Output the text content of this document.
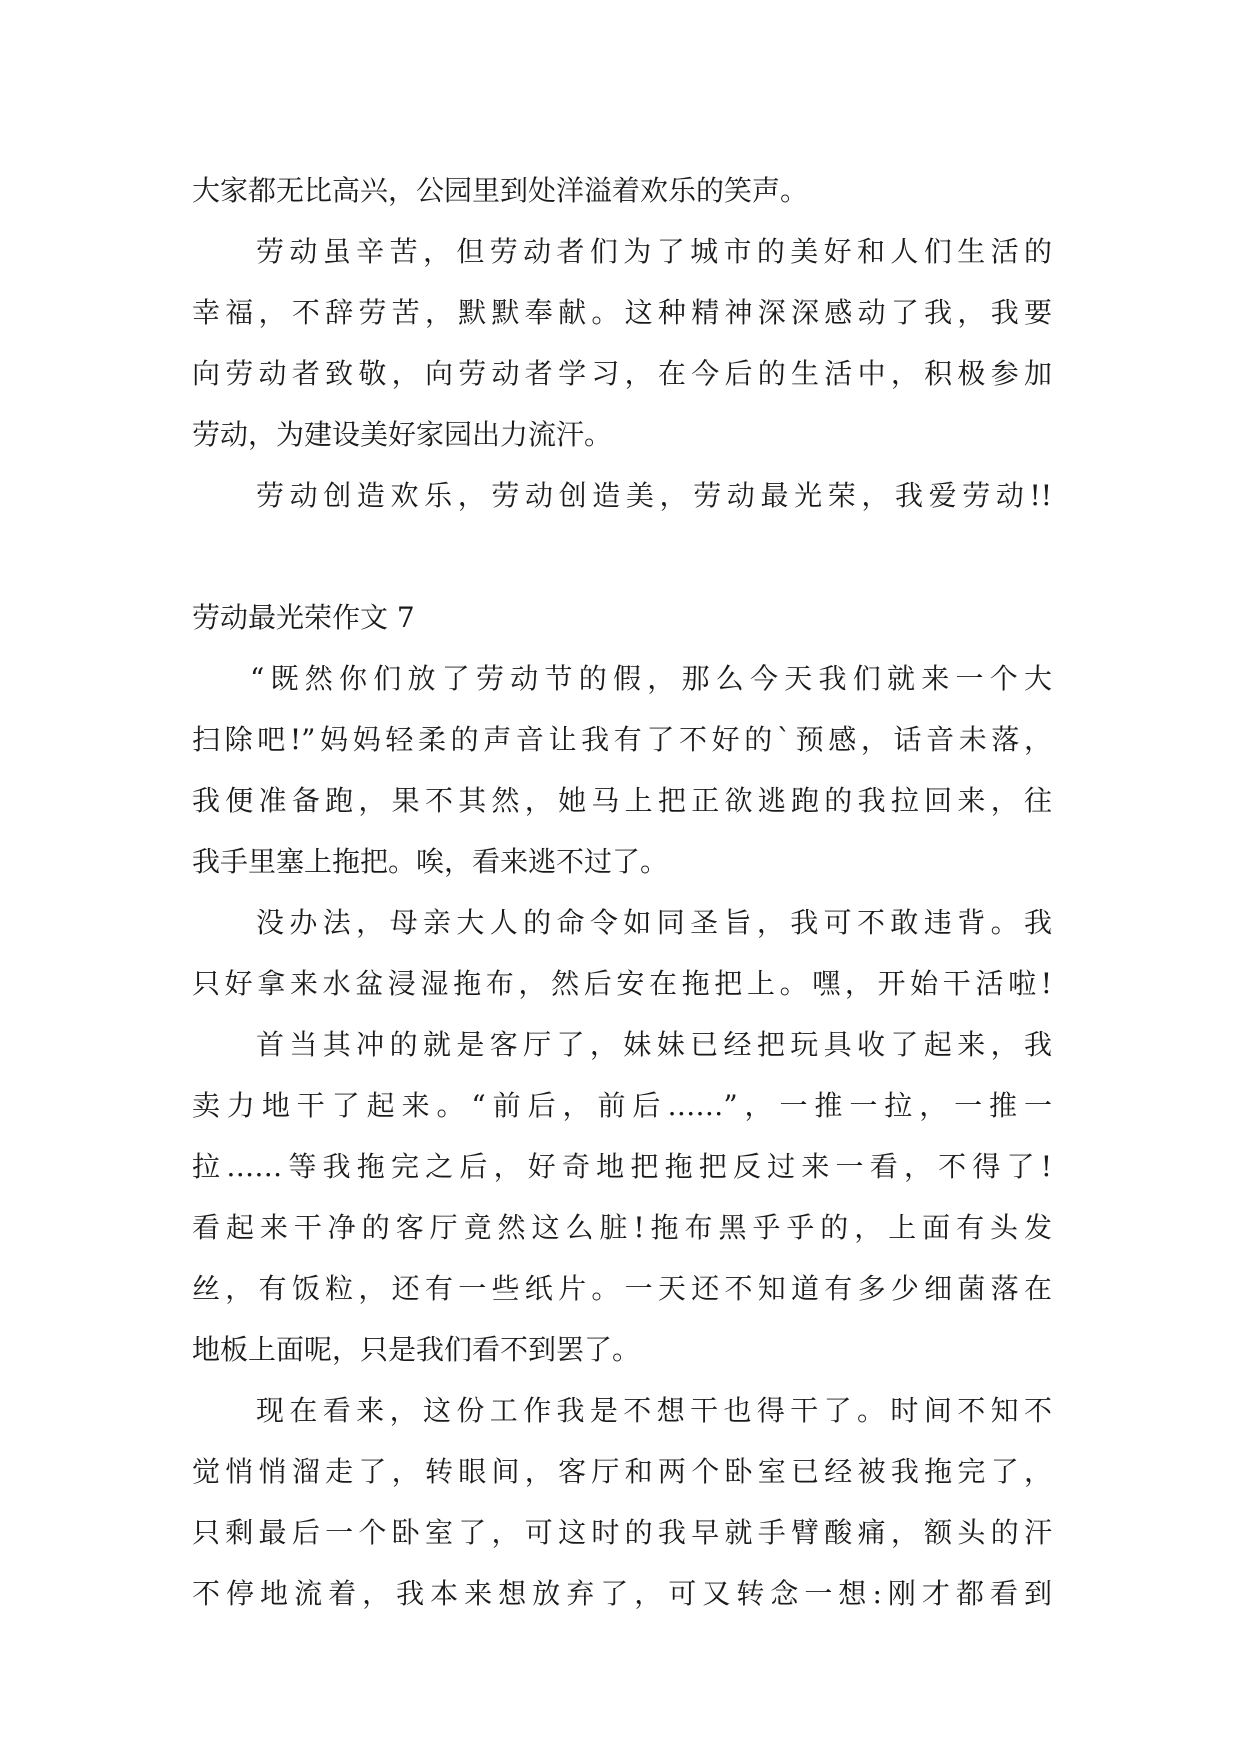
大家都无比高兴，公园里到处洋溢着欢乐的笑声。
劳动虽辛苦，但劳动者们为了城市的美好和人们生活的
幸福，不辞劳苦，默默奉献。这种精神深深感动了我，我要
向劳动者致敬，向劳动者学习，在今后的生活中，积极参加
劳动，为建设美好家园出力流汗。
劳动创造欢乐，劳动创造美，劳动最光荣，我爱劳动!!
劳动最光荣作文 7
“既然你们放了劳动节的假，那么今天我们就来一个大
扫除吧!”妈妈轻柔的声音让我有了不好的`预感，话音未落，
我便准备跑，果不其然，她马上把正欲逃跑的我拉回来，往
我手里塞上拖把。唉，看来逃不过了。
没办法，母亲大人的命令如同圣旨，我可不敢违背。我
只好拿来水盆浸湿拖布，然后安在拖把上。嘿，开始干活啦!
首当其冲的就是客厅了，妹妹已经把玩具收了起来，我
卖力地干了起来。“前后，前后……”，一推一拉，一推一
拉……等我拖完之后，好奇地把拖把反过来一看，不得了!
看起来干净的客厅竟然这么脏!拖布黑乎乎的，上面有头发
丝，有饭粒，还有一些纸片。一天还不知道有多少细菌落在
地板上面呢，只是我们看不到罢了。
现在看来，这份工作我是不想干也得干了。时间不知不
觉悄悄溜走了，转眼间，客厅和两个卧室已经被我拖完了，
只剩最后一个卧室了，可这时的我早就手臂酸痛，额头的汗
不停地流着，我本来想放弃了，可又转念一想:刚才都看到
